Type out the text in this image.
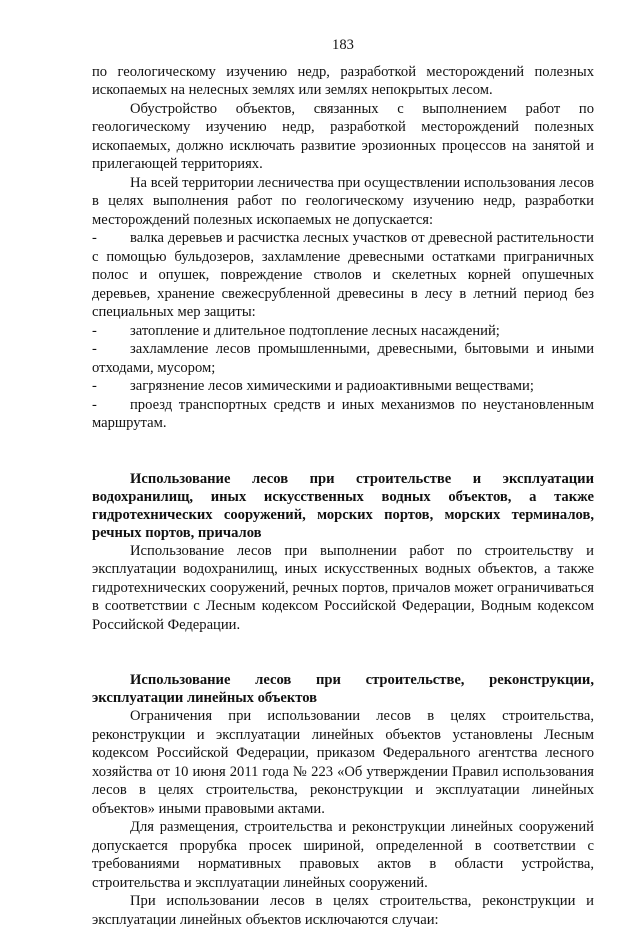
183

по геологическому изучению недр, разработкой месторождений полезных ископаемых на нелесных землях или землях непокрытых лесом.

Обустройство объектов, связанных с выполнением работ по геологическому изучению недр, разработкой месторождений полезных ископаемых, должно исключать развитие эрозионных процессов на занятой и прилегающей территориях.

На всей территории лесничества при осуществлении использования лесов в целях выполнения работ по геологическому изучению недр, разработки месторождений полезных ископаемых не допускается:

- валка деревьев и расчистка лесных участков от древесной растительности с помощью бульдозеров, захламление древесными остатками приграничных полос и опушек, повреждение стволов и скелетных корней опушечных деревьев, хранение свежесрубленной древесины в лесу в летний период без специальных мер защиты:

- затопление и длительное подтопление лесных насаждений;

- захламление лесов промышленными, древесными, бытовыми и иными отходами, мусором;

- загрязнение лесов химическими и радиоактивными веществами;

- проезд транспортных средств и иных механизмов по неустановленным маршрутам.

Использование лесов при строительстве и эксплуатации водохранилищ, иных искусственных водных объектов, а также гидротехнических сооружений, морских портов, морских терминалов, речных портов, причалов

Использование лесов при выполнении работ по строительству и эксплуатации водохранилищ, иных искусственных водных объектов, а также гидротехнических сооружений, речных портов, причалов может ограничиваться в соответствии с Лесным кодексом Российской Федерации, Водным кодексом Российской Федерации.

Использование лесов при строительстве, реконструкции, эксплуатации линейных объектов

Ограничения при использовании лесов в целях строительства, реконструкции и эксплуатации линейных объектов установлены Лесным кодексом Российской Федерации, приказом Федерального агентства лесного хозяйства от 10 июня 2011 года № 223 «Об утверждении Правил использования лесов в целях строительства, реконструкции и эксплуатации линейных объектов» иными правовыми актами.

Для размещения, строительства и реконструкции линейных сооружений допускается прорубка просек шириной, определенной в соответствии с требованиями нормативных правовых актов в области устройства, строительства и эксплуатации линейных сооружений.

При использовании лесов в целях строительства, реконструкции и эксплуатации линейных объектов исключаются случаи:
